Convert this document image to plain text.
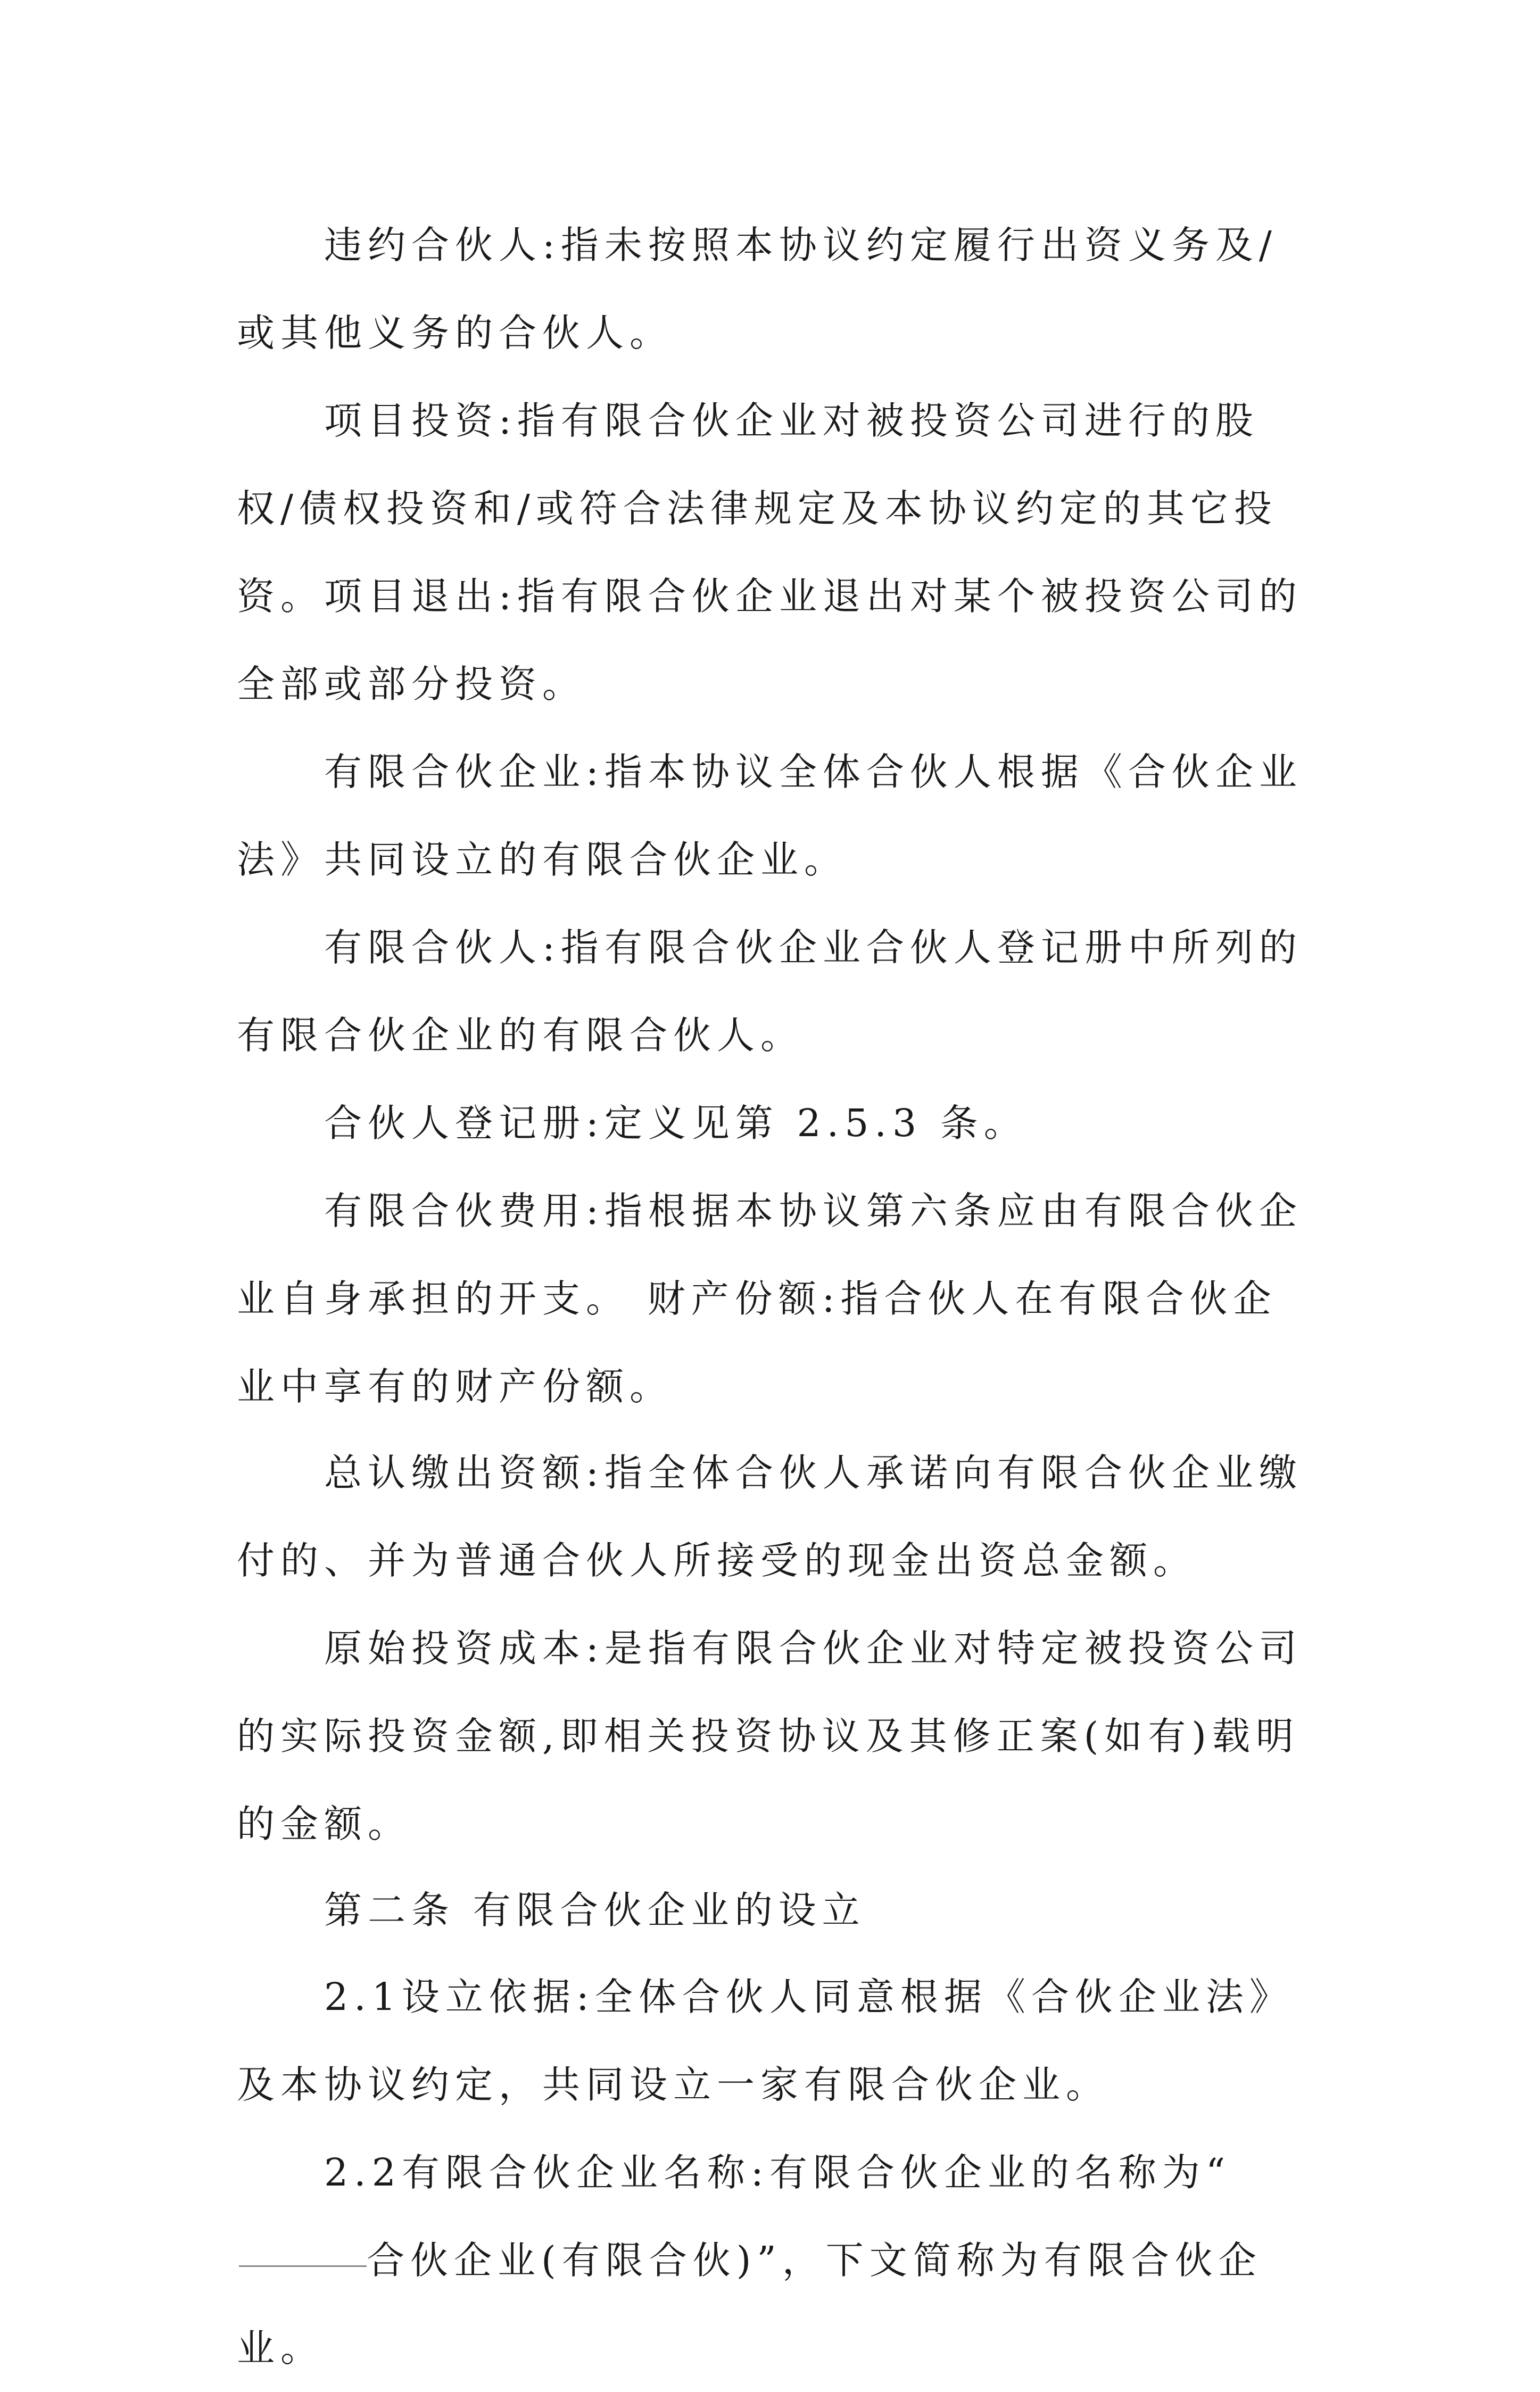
违约合伙人:指未按照本协议约定履行出资义务及/或其他义务的合伙人。

项目投资:指有限合伙企业对被投资公司进行的股权/债权投资和/或符合法律规定及本协议约定的其它投资。 项目退出:指有限合伙企业退出对某个被投资公司的全部或部分投资。

有限合伙企业:指本协议全体合伙人根据《合伙企业法》共同设立的有限合伙企业。

有限合伙人:指有限合伙企业合伙人登记册中所列的有限合伙企业的有限合伙人。

合伙人登记册:定义见第 2.5.3 条。

有限合伙费用:指根据本协议第六条应由有限合伙企业自身承担的开支。 财产份额:指合伙人在有限合伙企业中享有的财产份额。

总认缴出资额:指全体合伙人承诺向有限合伙企业缴付的、并为普通合伙人所接受的现金出资总金额。

原始投资成本:是指有限合伙企业对特定被投资公司的实际投资金额,即相关投资协议及其修正案(如有)载明的金额。

第二条 有限合伙企业的设立

2.1设立依据:全体合伙人同意根据《合伙企业法》及本协议约定，共同设立一家有限合伙企业。

2.2有限合伙企业名称:有限合伙企业的名称为“合伙企业(有限合伙)”，下文简称为有限合伙企业。
